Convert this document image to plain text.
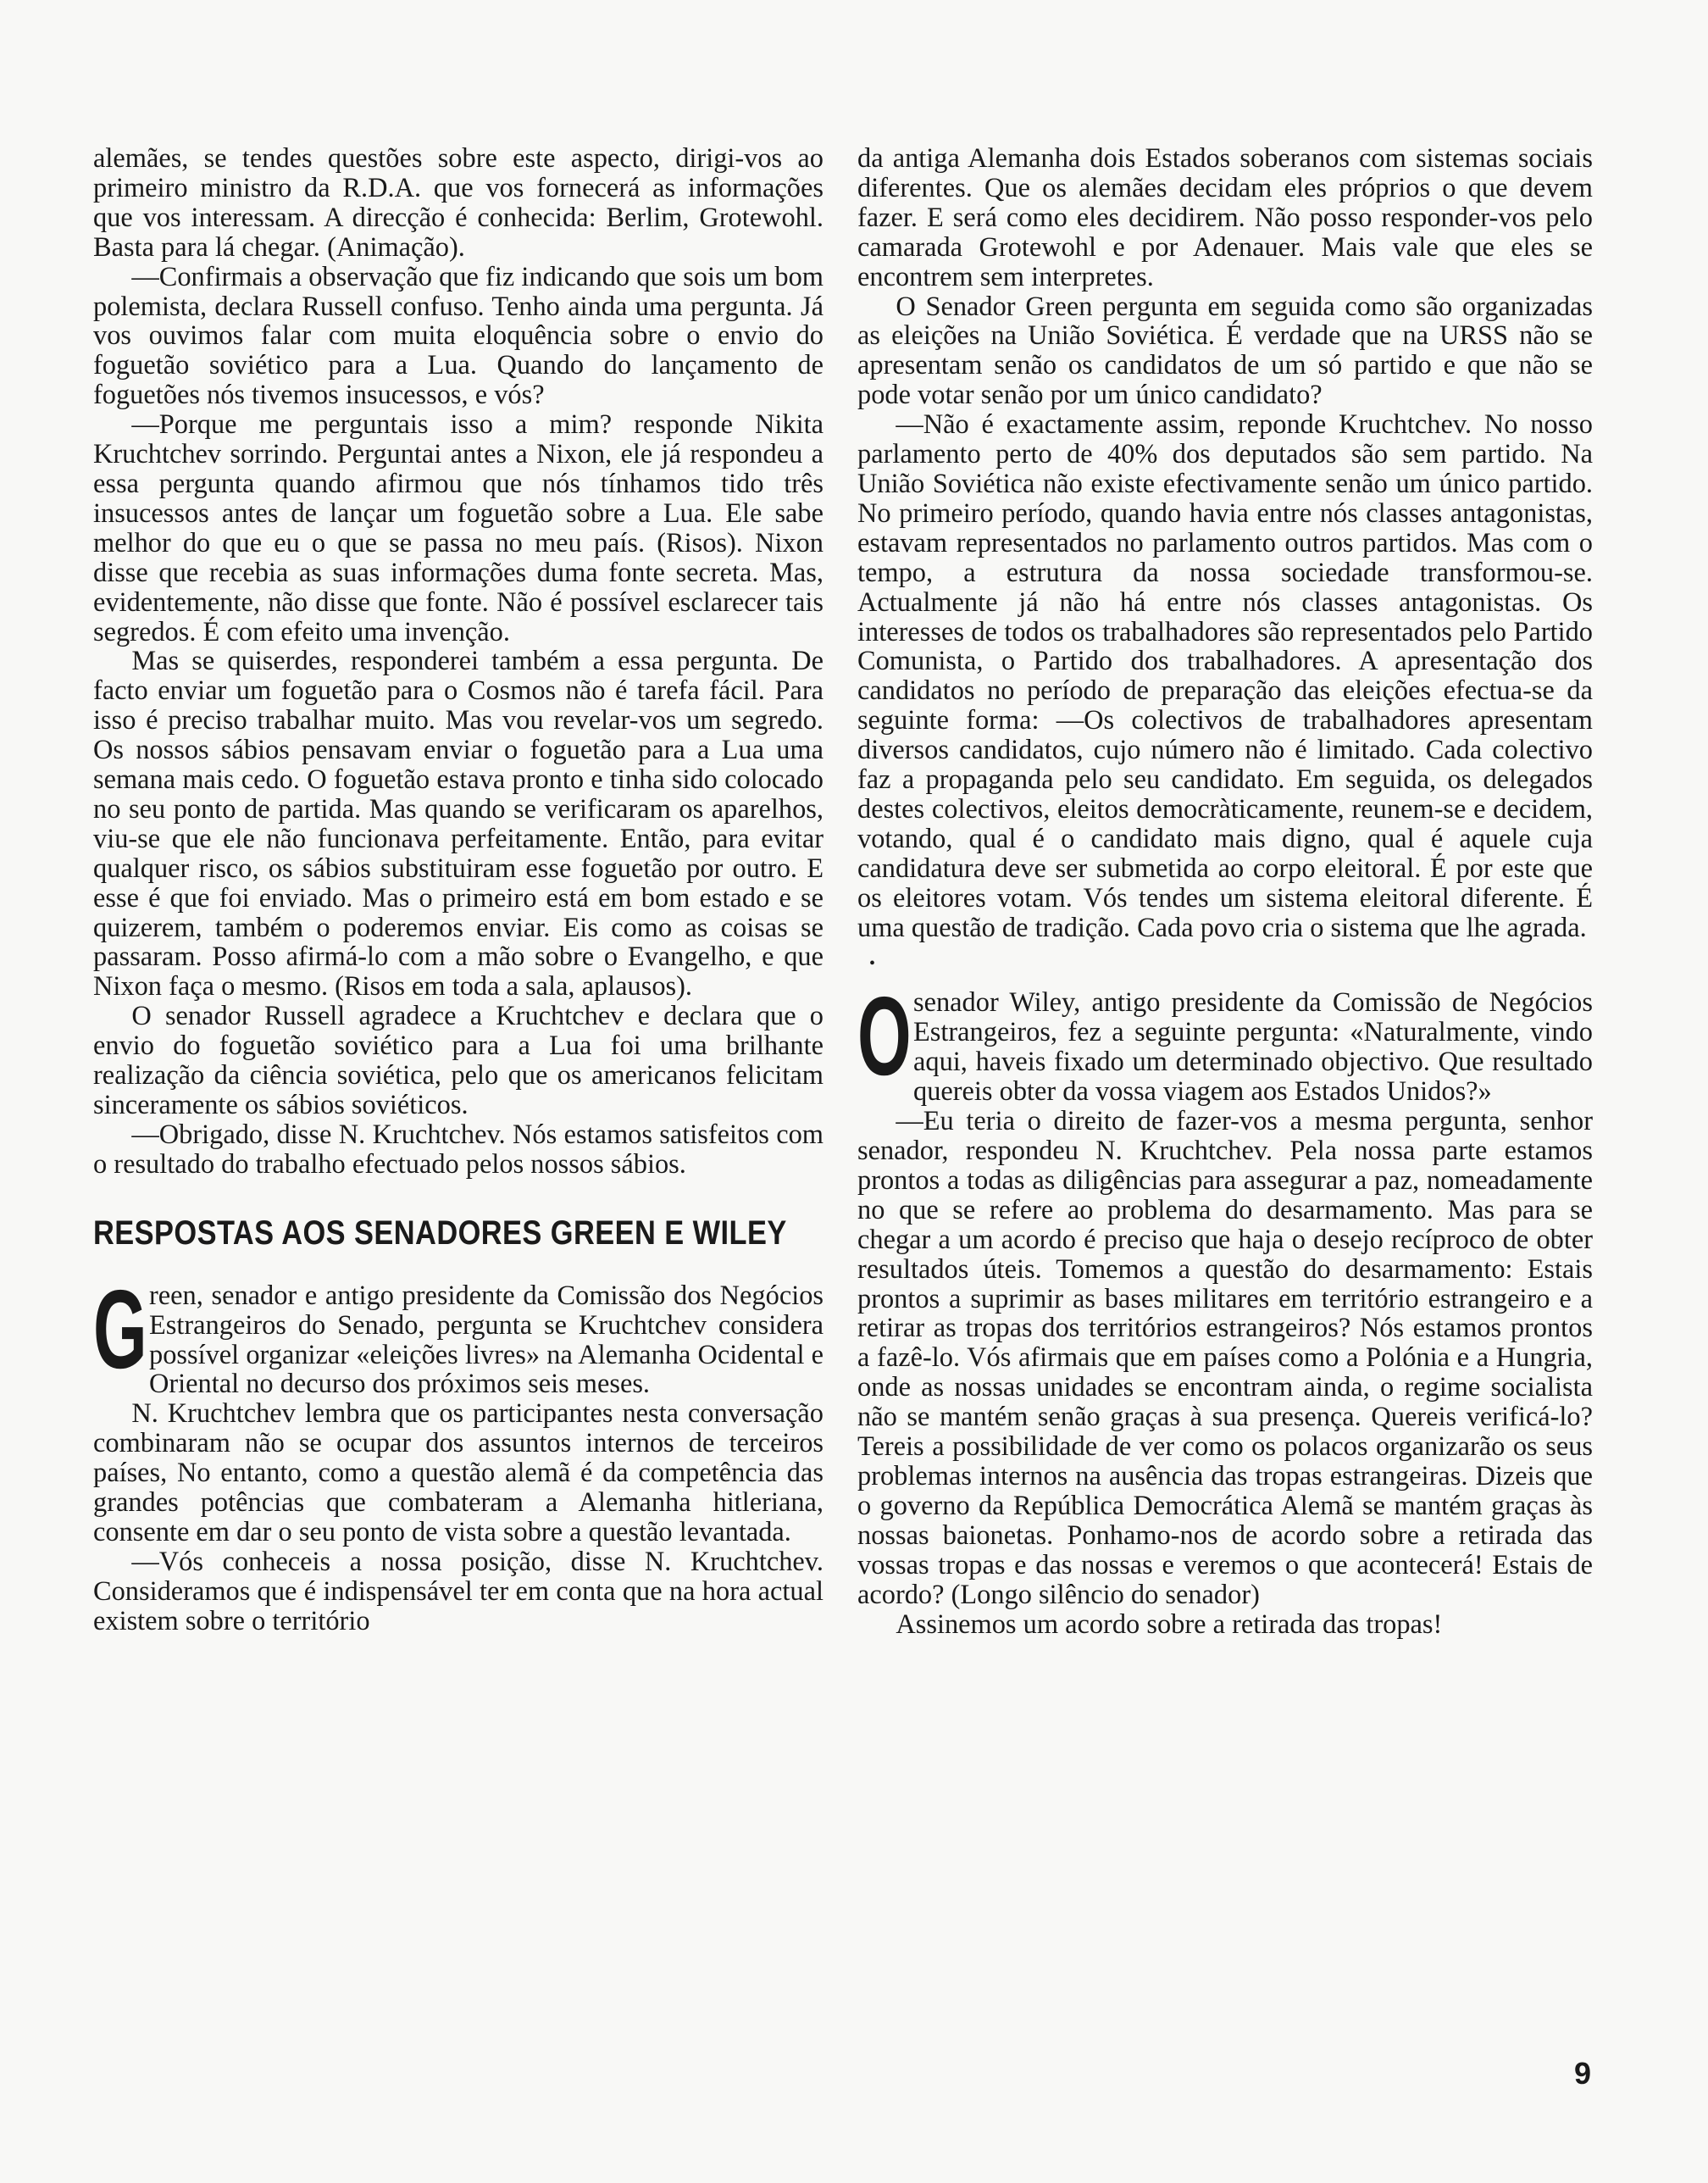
alemães, se tendes questões sobre este aspecto, dirigi-vos ao primeiro ministro da R.D.A. que vos fornecerá as informações que vos interessam. A direcção é conhecida: Berlim, Grotewohl. Basta para lá chegar. (Animação).

—Confirmais a observação que fiz indicando que sois um bom polemista, declara Russell confuso. Tenho ainda uma pergunta. Já vos ouvimos falar com muita eloquência sobre o envio do foguetão soviético para a Lua. Quando do lançamento de foguetões nós tivemos insucessos, e vós?

—Porque me perguntais isso a mim? responde Nikita Kruchtchev sorrindo. Perguntai antes a Nixon, ele já respondeu a essa pergunta quando afirmou que nós tínhamos tido três insucessos antes de lançar um foguetão sobre a Lua. Ele sabe melhor do que eu o que se passa no meu país. (Risos). Nixon disse que recebia as suas informações duma fonte secreta. Mas, evidentemente, não disse que fonte. Não é possível esclarecer tais segredos. É com efeito uma invenção.

Mas se quiserdes, responderei também a essa pergunta. De facto enviar um foguetão para o Cosmos não é tarefa fácil. Para isso é preciso trabalhar muito. Mas vou revelar-vos um segredo. Os nossos sábios pensavam enviar o foguetão para a Lua uma semana mais cedo. O foguetão estava pronto e tinha sido colocado no seu ponto de partida. Mas quando se verificaram os aparelhos, viu-se que ele não funcionava perfeitamente. Então, para evitar qualquer risco, os sábios substituiram esse foguetão por outro. E esse é que foi enviado. Mas o primeiro está em bom estado e se quizerem, também o poderemos enviar. Eis como as coisas se passaram. Posso afirmá-lo com a mão sobre o Evangelho, e que Nixon faça o mesmo. (Risos em toda a sala, aplausos).

O senador Russell agradece a Kruchtchev e declara que o envio do foguetão soviético para a Lua foi uma brilhante realização da ciência soviética, pelo que os americanos felicitam sinceramente os sábios soviéticos.

—Obrigado, disse N. Kruchtchev. Nós estamos satisfeitos com o resultado do trabalho efectuado pelos nossos sábios.

RESPOSTAS AOS SENADORES GREEN E WILEY

Green, senador e antigo presidente da Comissão dos Negócios Estrangeiros do Senado, pergunta se Kruchtchev considera possível organizar «eleições livres» na Alemanha Ocidental e Oriental no decurso dos próximos seis meses.

N. Kruchtchev lembra que os participantes nesta conversação combinaram não se ocupar dos assuntos internos de terceiros países, No entanto, como a questão alemã é da competência das grandes potências que combateram a Alemanha hitleriana, consente em dar o seu ponto de vista sobre a questão levantada.

—Vós conheceis a nossa posição, disse N. Kruchtchev. Consideramos que é indispensável ter em conta que na hora actual existem sobre o território

da antiga Alemanha dois Estados soberanos com sistemas sociais diferentes. Que os alemães decidam eles próprios o que devem fazer. E será como eles decidirem. Não posso responder-vos pelo camarada Grotewohl e por Adenauer. Mais vale que eles se encontrem sem interpretes.

O Senador Green pergunta em seguida como são organizadas as eleições na União Soviética. É verdade que na URSS não se apresentam senão os candidatos de um só partido e que não se pode votar senão por um único candidato?

—Não é exactamente assim, reponde Kruchtchev. No nosso parlamento perto de 40% dos deputados são sem partido. Na União Soviética não existe efectivamente senão um único partido. No primeiro período, quando havia entre nós classes antagonistas, estavam representados no parlamento outros partidos. Mas com o tempo, a estrutura da nossa sociedade transformou-se. Actualmente já não há entre nós classes antagonistas. Os interesses de todos os trabalhadores são representados pelo Partido Comunista, o Partido dos trabalhadores. A apresentação dos candidatos no período de preparação das eleições efectua-se da seguinte forma: —Os colectivos de trabalhadores apresentam diversos candidatos, cujo número não é limitado. Cada colectivo faz a propaganda pelo seu candidato. Em seguida, os delegados destes colectivos, eleitos democràticamente, reunem-se e decidem, votando, qual é o candidato mais digno, qual é aquele cuja candidatura deve ser submetida ao corpo eleitoral. É por este que os eleitores votam. Vós tendes um sistema eleitoral diferente. É uma questão de tradição. Cada povo cria o sistema que lhe agrada.

•

Osenador Wiley, antigo presidente da Comissão de Negócios Estrangeiros, fez a seguinte pergunta: «Naturalmente, vindo aqui, haveis fixado um determinado objectivo. Que resultado quereis obter da vossa viagem aos Estados Unidos?»

—Eu teria o direito de fazer-vos a mesma pergunta, senhor senador, respondeu N. Kruchtchev. Pela nossa parte estamos prontos a todas as diligências para assegurar a paz, nomeadamente no que se refere ao problema do desarmamento. Mas para se chegar a um acordo é preciso que haja o desejo recíproco de obter resultados úteis. Tomemos a questão do desarmamento: Estais prontos a suprimir as bases militares em território estrangeiro e a retirar as tropas dos territórios estrangeiros? Nós estamos prontos a fazê-lo. Vós afirmais que em países como a Polónia e a Hungria, onde as nossas unidades se encontram ainda, o regime socialista não se mantém senão graças à sua presença. Quereis verificá-lo? Tereis a possibilidade de ver como os polacos organizarão os seus problemas internos na ausência das tropas estrangeiras. Dizeis que o governo da República Democrática Alemã se mantém graças às nossas baionetas. Ponhamo-nos de acordo sobre a retirada das vossas tropas e das nossas e veremos o que acontecerá! Estais de acordo? (Longo silêncio do senador)

Assinemos um acordo sobre a retirada das tropas!

9
